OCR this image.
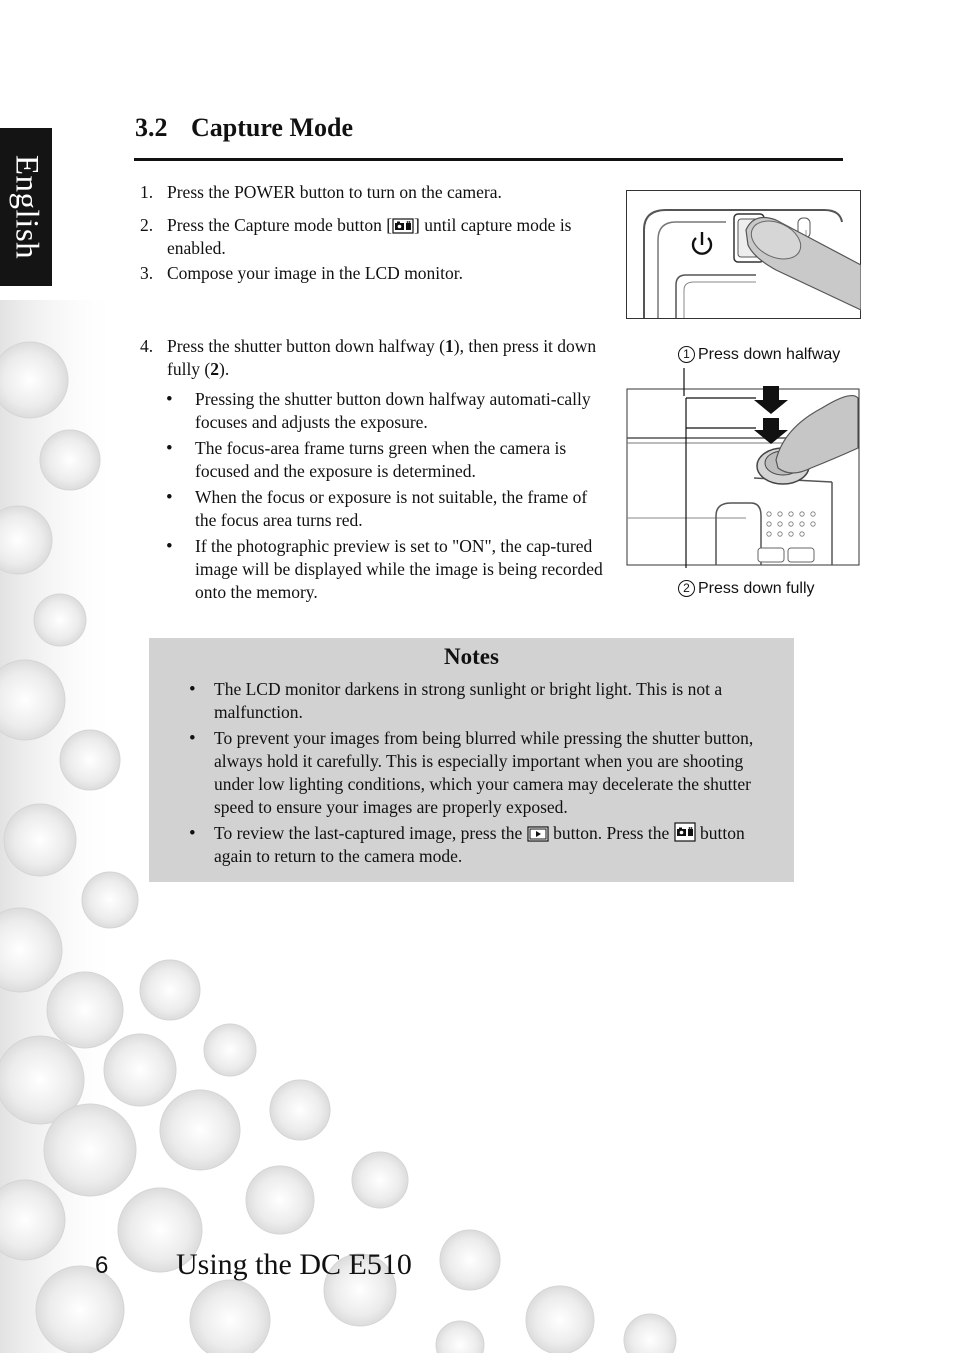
English
3.2 Capture Mode
1. Press the POWER button to turn on the camera.
2. Press the Capture mode button [ ] until capture mode is enabled.
3. Compose your image in the LCD monitor.
4. Press the shutter button down halfway (1), then press it down fully (2).
• Pressing the shutter button down halfway automati-cally focuses and adjusts the exposure.
• The focus-area frame turns green when the camera is focused and the exposure is determined.
• When the focus or exposure is not suitable, the frame of the focus area turns red.
• If the photographic preview is set to "ON", the cap-tured image will be displayed while the image is being recorded onto the memory.
1 Press down halfway
2 Press down fully
Notes
• The LCD monitor darkens in strong sunlight or bright light. This is not a malfunction.
• To prevent your images from being blurred while pressing the shutter button, always hold it carefully. This is especially important when you are shooting under low lighting conditions, which your camera may decelerate the shutter speed to ensure your images are properly exposed.
• To review the last-captured image, press the button. Press the button again to return to the camera mode.
6 Using the DC E510
